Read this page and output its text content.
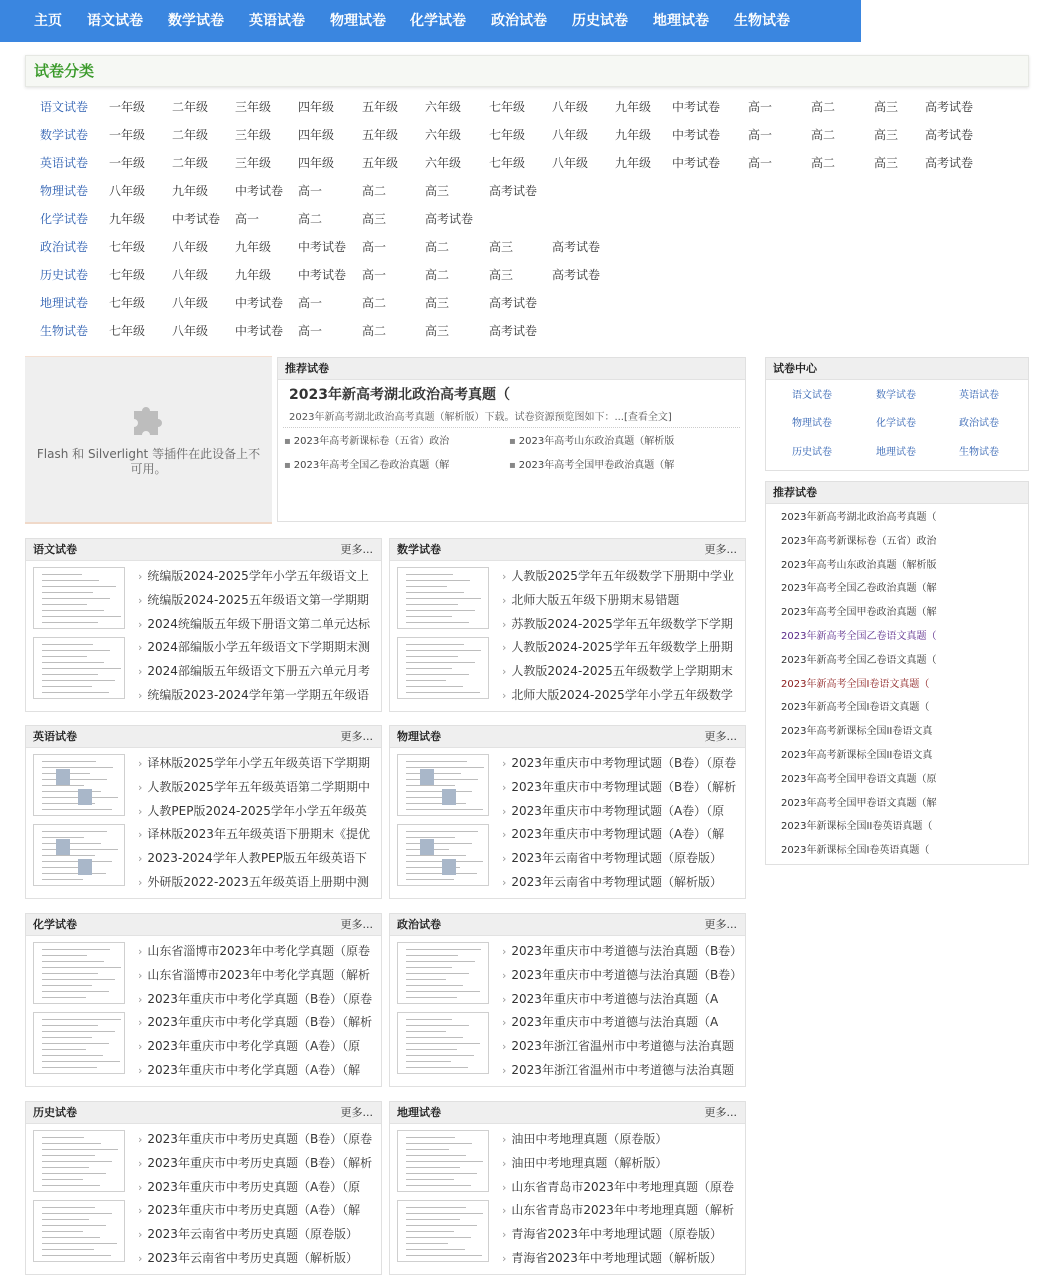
主页 语文试卷 数学试卷 英语试卷 物理试卷 化学试卷 政治试卷 历史试卷 地理试卷 生物试卷
试卷分类
语文试卷 一年级 二年级 三年级 四年级 五年级 六年级 七年级 八年级 九年级 中考试卷 高一	高二	高三 高考试卷
数学试卷 一年级 二年级 三年级 四年级 五年级 六年级 七年级 八年级 九年级 中考试卷 高一	高二	高三 高考试卷
英语试卷 一年级 二年级 三年级 四年级 五年级 六年级 七年级 八年级 九年级 中考试卷 高一	高二	高三 高考试卷
物理试卷 八年级 九年级 中考试卷 高一	高二	高三	高考试卷
化学试卷 九年级 中考试卷 高一	高二	高三	高考试卷
政治试卷 七年级 八年级 九年级 中考试卷 高一	高二	高三	高考试卷
历史试卷 七年级 八年级 九年级 中考试卷 高一	高二	高三	高考试卷
地理试卷 七年级 八年级 中考试卷 高一	高二	高三	高考试卷
生物试卷 七年级 八年级 中考试卷 高一	高二	高三	高考试卷
Flash 和 Silverlight 等插件在此设备上不可用。
推荐试卷
2023年新高考湖北政治高考真题（
2023年新高考湖北政治高考真题（解析版）下载。试卷资源预览图如下：...[查看全文]
▪ 2023年高考新课标卷（五省）政治	▪ 2023年高考山东政治真题（解析版
▪ 2023年高考全国乙卷政治真题（解	▪ 2023年高考全国甲卷政治真题（解
试卷中心
语文试卷	数学试卷	英语试卷
物理试卷	化学试卷	政治试卷
历史试卷	地理试卷	生物试卷
推荐试卷
2023年新高考湖北政治高考真题（
2023年高考新课标卷（五省）政治
2023年高考山东政治真题（解析版
2023年高考全国乙卷政治真题（解
2023年高考全国甲卷政治真题（解
2023年新高考全国乙卷语文真题（
2023年新高考全国乙卷语文真题（
2023年新高考全国I卷语文真题（
2023年新高考全国I卷语文真题（
2023年高考新课标全国II卷语文真
2023年高考新课标全国II卷语文真
2023年高考全国甲卷语文真题（原
2023年高考全国甲卷语文真题（解
2023年新课标全国II卷英语真题（
2023年新课标全国I卷英语真题（
语文试卷	更多...
› 统编版2024-2025学年小学五年级语文上
› 统编版2024-2025五年级语文第一学期期
› 2024统编版五年级下册语文第二单元达标
› 2024部编版小学五年级语文下学期期末测
› 2024部编版五年级语文下册五六单元月考
› 统编版2023-2024学年第一学期五年级语
数学试卷	更多...
› 人教版2025学年五年级数学下册期中学业
› 北师大版五年级下册期末易错题
› 苏教版2024-2025学年五年级数学下学期
› 人教版2024-2025学年五年级数学上册期
› 人教版2024-2025五年级数学上学期期末
› 北师大版2024-2025学年小学五年级数学
英语试卷	更多...
› 译林版2025学年小学五年级英语下学期期
› 人教版2025学年五年级英语第二学期期中
› 人教PEP版2024-2025学年小学五年级英
› 译林版2023年五年级英语下册期末《提优
› 2023-2024学年人教PEP版五年级英语下
› 外研版2022-2023五年级英语上册期中测
物理试卷	更多...
› 2023年重庆市中考物理试题（B卷）（原卷
› 2023年重庆市中考物理试题（B卷）（解析
› 2023年重庆市中考物理试题（A卷）（原
› 2023年重庆市中考物理试题（A卷）（解
› 2023年云南省中考物理试题（原卷版）
› 2023年云南省中考物理试题（解析版）
化学试卷	更多...
› 山东省淄博市2023年中考化学真题（原卷
› 山东省淄博市2023年中考化学真题（解析
› 2023年重庆市中考化学真题（B卷）（原卷
› 2023年重庆市中考化学真题（B卷）（解析
› 2023年重庆市中考化学真题（A卷）（原
› 2023年重庆市中考化学真题（A卷）（解
政治试卷	更多...
› 2023年重庆市中考道德与法治真题（B卷）
› 2023年重庆市中考道德与法治真题（B卷）
› 2023年重庆市中考道德与法治真题（A
› 2023年重庆市中考道德与法治真题（A
› 2023年浙江省温州市中考道德与法治真题
› 2023年浙江省温州市中考道德与法治真题
历史试卷	更多...
› 2023年重庆市中考历史真题（B卷）（原卷
› 2023年重庆市中考历史真题（B卷）（解析
› 2023年重庆市中考历史真题（A卷）（原
› 2023年重庆市中考历史真题（A卷）（解
› 2023年云南省中考历史真题（原卷版）
› 2023年云南省中考历史真题（解析版）
地理试卷	更多...
› 油田中考地理真题（原卷版）
› 油田中考地理真题（解析版）
› 山东省青岛市2023年中考地理真题（原卷
› 山东省青岛市2023年中考地理真题（解析
› 青海省2023年中考地理试题（原卷版）
› 青海省2023年中考地理试题（解析版）
